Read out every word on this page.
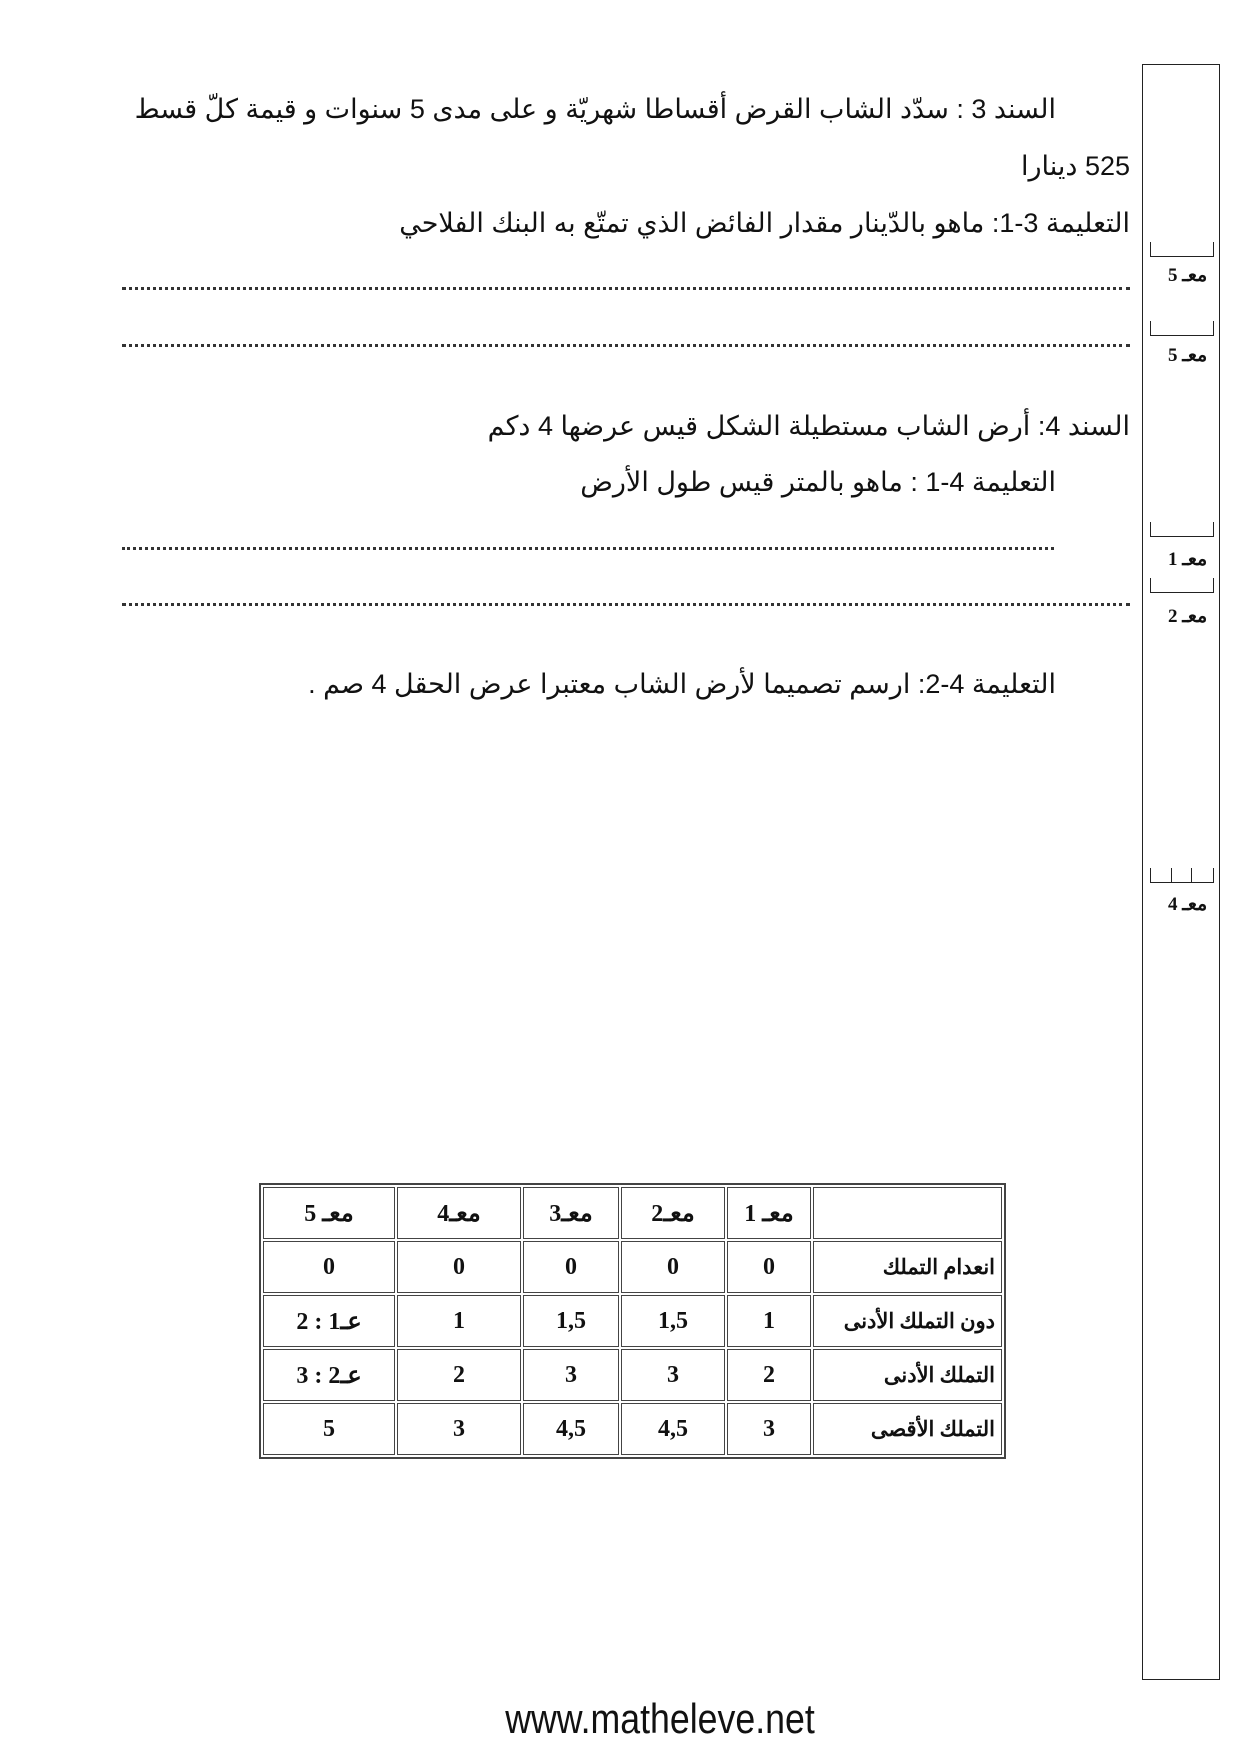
السند 3 : سدّد الشاب القرض أقساطا شهريّة و على مدى 5 سنوات و قيمة كلّ قسط
525 دينارا
التعليمة 3-1: ماهو بالدّينار مقدار الفائض الذي تمتّع به البنك الفلاحي
السند 4: أرض الشاب مستطيلة الشكل قيس عرضها 4 دكم
التعليمة 4-1 : ماهو بالمتر قيس طول الأرض
التعليمة 4-2: ارسم تصميما لأرض الشاب معتبرا عرض الحقل 4 صم .
معـ 5
معـ 5
معـ 1
معـ 2
معـ 4
	معـ 1	معـ2	معـ3	معـ4	معـ 5
انعدام التملك	0	0	0	0	0
دون التملك الأدنى	1	1,5	1,5	1	عـ1 : 2
التملك الأدنى	2	3	3	2	عـ2 : 3
التملك الأقصى	3	4,5	4,5	3	5
www.matheleve.net
